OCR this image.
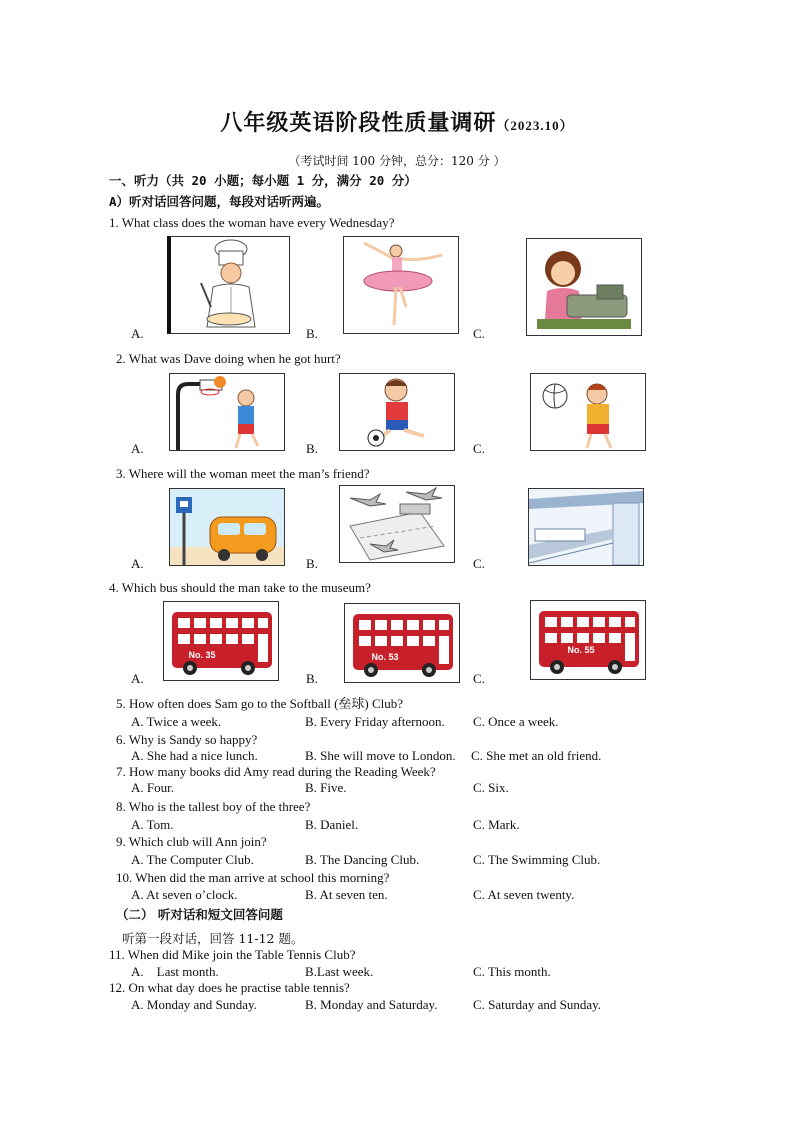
八年级英语阶段性质量调研（2023.10）
（考试时间 100 分钟，总分：120 分 ）
一、听力（共 20 小题；每小题 1 分，满分 20 分）
A）听对话回答问题，每段对话听两遍。
1. What class does the woman have every Wednesday?
A.	B.	C.
2. What was Dave doing when he got hurt?
A.	B.	C.
3. Where will the woman meet the man’s friend?
A.	B.	C.
4. Which bus should the man take to the museum?
A.	B.	C.
No. 35	No. 53
No. 55
5. How often does Sam go to the Softball (垒球) Club?
A. Twice a week.	B. Every Friday afternoon. C. Once a week.
6. Why is Sandy so happy?
A. She had a nice lunch.	B. She will move to London. C. She met an old friend.
7. How many books did Amy read during the Reading Week?
A. Four.	B. Five.	C. Six.
8. Who is the tallest boy of the three?
A. Tom.	B. Daniel.	C. Mark.
9. Which club will Ann join?
A. The Computer Club.	B. The Dancing Club.	C. The Swimming Club.
10. When did the man arrive at school this morning?
A. At seven o’clock.	B. At seven ten.	C. At seven twenty.
（二） 听对话和短文回答问题
听第一段对话，回答 11-12 题。
11. When did Mike join the Table Tennis Club?
A.    Last month.	B.Last week.	C. This month.
12. On what day does he practise table tennis?
A. Monday and Sunday.	B. Monday and Saturday.	C. Saturday and Sunday.
